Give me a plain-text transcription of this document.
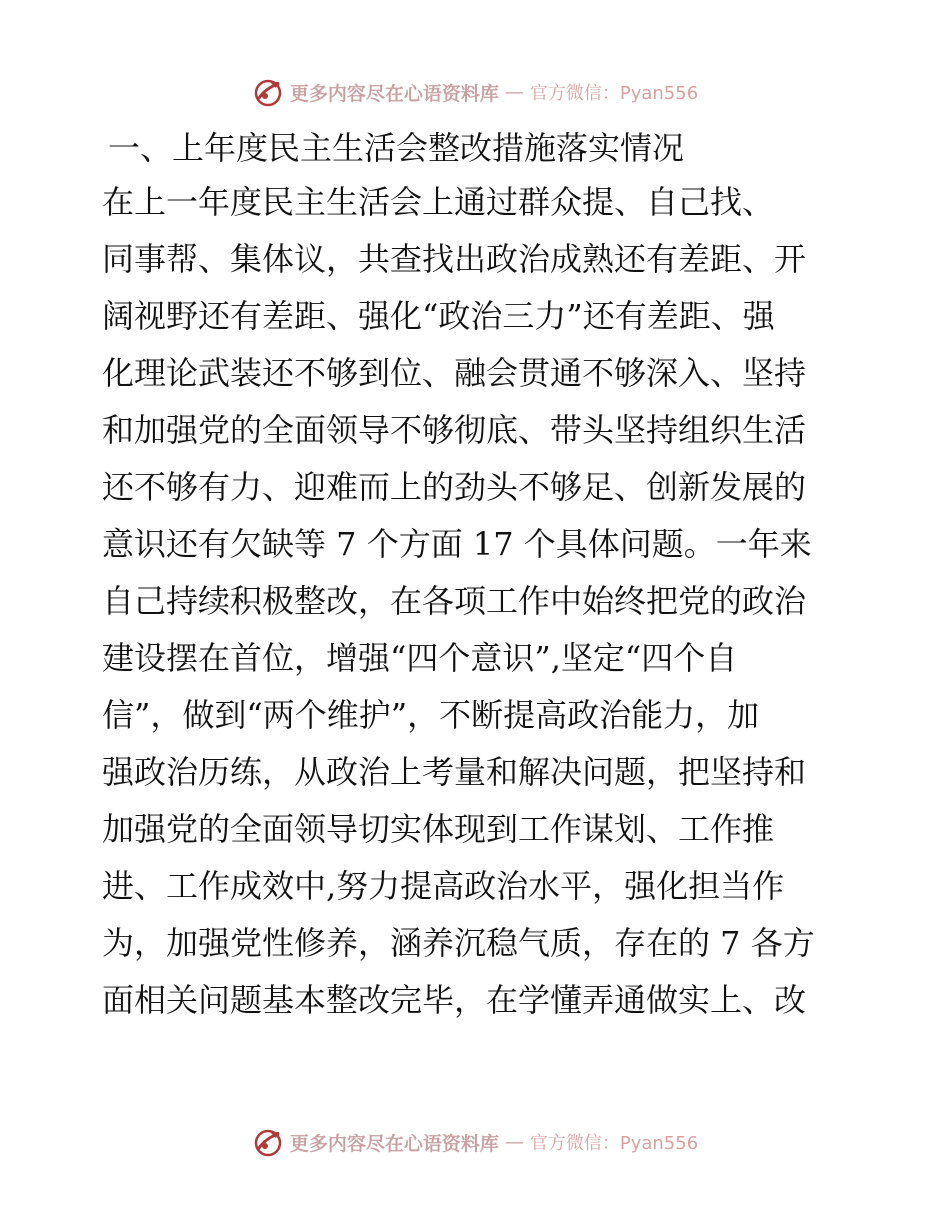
更多内容尽在心语资料库 — 官方微信：Pyan556
一、上年度民主生活会整改措施落实情况
在上一年度民主生活会上通过群众提、自己找、
同事帮、集体议，共查找出政治成熟还有差距、开
阔视野还有差距、强化“政治三力”还有差距、强
化理论武装还不够到位、融会贯通不够深入、坚持
和加强党的全面领导不够彻底、带头坚持组织生活
还不够有力、迎难而上的劲头不够足、创新发展的
意识还有欠缺等 7 个方面 17 个具体问题。一年来
自己持续积极整改，在各项工作中始终把党的政治
建设摆在首位，增强“四个意识”,坚定“四个自
信”，做到“两个维护”，不断提高政治能力，加
强政治历练，从政治上考量和解决问题，把坚持和
加强党的全面领导切实体现到工作谋划、工作推
进、工作成效中,努力提高政治水平，强化担当作
为，加强党性修养，涵养沉稳气质，存在的 7 各方
面相关问题基本整改完毕，在学懂弄通做实上、改
更多内容尽在心语资料库 — 官方微信：Pyan556
